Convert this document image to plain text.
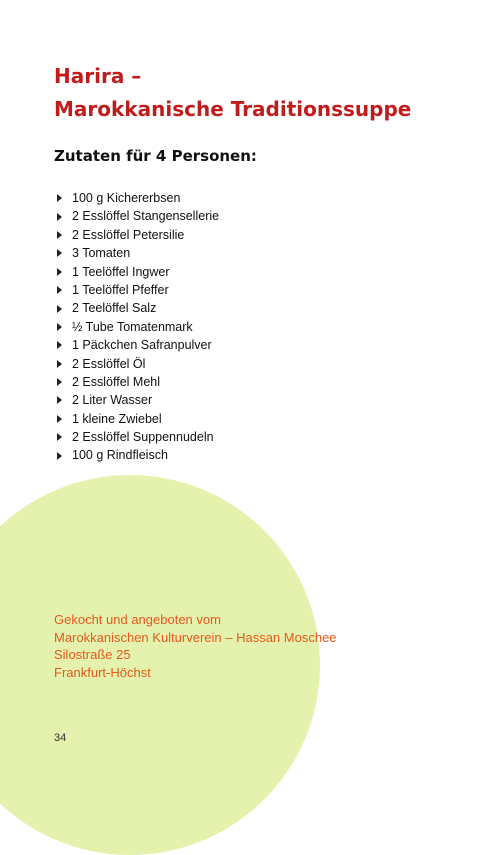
Harira –
Marokkanische Traditionssuppe
Zutaten für 4 Personen:
100 g Kichererbsen
2 Esslöffel Stangensellerie
2 Esslöffel Petersilie
3 Tomaten
1 Teelöffel Ingwer
1 Teelöffel Pfeffer
2 Teelöffel Salz
½ Tube Tomatenmark
1 Päckchen Safranpulver
2 Esslöffel Öl
2 Esslöffel Mehl
2 Liter Wasser
1 kleine Zwiebel
2 Esslöffel Suppennudeln
100 g Rindfleisch
Gekocht und angeboten vom
Marokkanischen Kulturverein – Hassan Moschee
Silostraße 25
Frankfurt-Höchst
34
